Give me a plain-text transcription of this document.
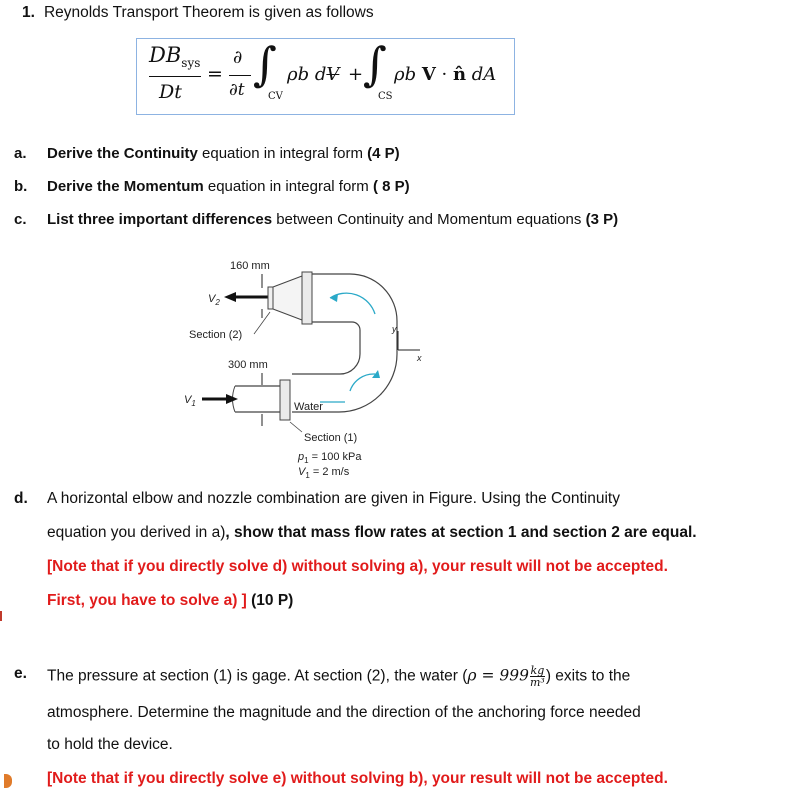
1. Reynolds Transport Theorem is given as follows
$DB_{sys}$
Dt
=
∂
∂t ∫
CV
ρb dV + ∫
CS
ρb V · n̂ dA
a. Derive the Continuity equation in integral form (4 P)
b. Derive the Momentum equation in integral form ( 8 P)
c. List three important differences between Continuity and Momentum equations (3 P)
160 mm
$V_2$
300 mm
$V_1$
Section (2)
Water
Section (1)
$p_1 = 100$ kPa
$V_1 = 2$ m/s
y
x
d. A horizontal elbow and nozzle combination are given in Figure. Using the Continuity
equation you derived in a), show that mass flow rates at section 1 and section 2 are equal.
[Note that if you directly solve d) without solving a), your result will not be accepted.
First, you have to solve a) ] (10 P)
e. The pressure at section (1) is gage. At section (2), the water ($\rho = 999 \frac{kg}{\text{m³}}$ ) exits to the
atmosphere. Determine the magnitude and the direction of the anchoring force needed
to hold the device.
[Note that if you directly solve e) without solving b), your result will not be accepted.
